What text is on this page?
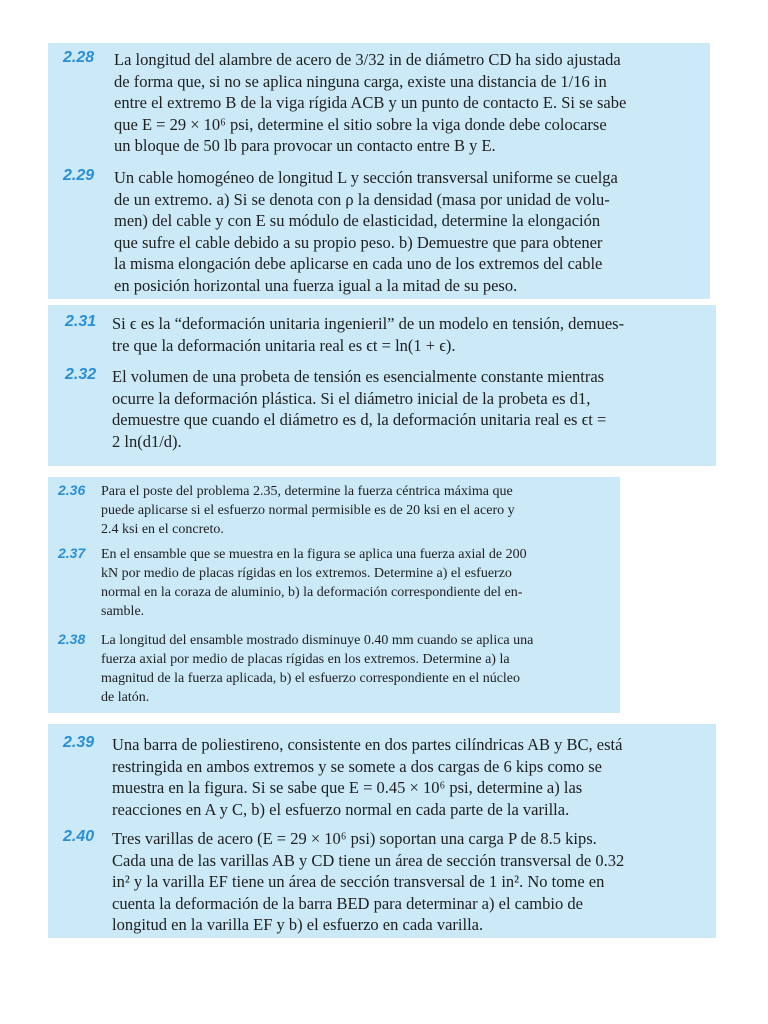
2.28 La longitud del alambre de acero de 3/32 in de diámetro CD ha sido ajustada
de forma que, si no se aplica ninguna carga, existe una distancia de 1/16 in
entre el extremo B de la viga rígida ACB y un punto de contacto E. Si se sabe
que E = 29 × 10⁶ psi, determine el sitio sobre la viga donde debe colocarse
un bloque de 50 lb para provocar un contacto entre B y E.
2.29 Un cable homogéneo de longitud L y sección transversal uniforme se cuelga
de un extremo. a) Si se denota con ρ la densidad (masa por unidad de volu-
men) del cable y con E su módulo de elasticidad, determine la elongación
que sufre el cable debido a su propio peso. b) Demuestre que para obtener
la misma elongación debe aplicarse en cada uno de los extremos del cable
en posición horizontal una fuerza igual a la mitad de su peso.
2.31 Si ϵ es la “deformación unitaria ingenieril” de un modelo en tensión, demues-
tre que la deformación unitaria real es ϵt = ln(1 + ϵ).
2.32 El volumen de una probeta de tensión es esencialmente constante mientras
ocurre la deformación plástica. Si el diámetro inicial de la probeta es d1,
demuestre que cuando el diámetro es d, la deformación unitaria real es ϵt =
2 ln(d1/d).
2.36 Para el poste del problema 2.35, determine la fuerza céntrica máxima que
puede aplicarse si el esfuerzo normal permisible es de 20 ksi en el acero y
2.4 ksi en el concreto.
2.37 En el ensamble que se muestra en la figura se aplica una fuerza axial de 200
kN por medio de placas rígidas en los extremos. Determine a) el esfuerzo
normal en la coraza de aluminio, b) la deformación correspondiente del en-
samble.
2.38 La longitud del ensamble mostrado disminuye 0.40 mm cuando se aplica una
fuerza axial por medio de placas rígidas en los extremos. Determine a) la
magnitud de la fuerza aplicada, b) el esfuerzo correspondiente en el núcleo
de latón.
2.39 Una barra de poliestireno, consistente en dos partes cilíndricas AB y BC, está
restringida en ambos extremos y se somete a dos cargas de 6 kips como se
muestra en la figura. Si se sabe que E = 0.45 × 10⁶ psi, determine a) las
reacciones en A y C, b) el esfuerzo normal en cada parte de la varilla.
2.40 Tres varillas de acero (E = 29 × 10⁶ psi) soportan una carga P de 8.5 kips.
Cada una de las varillas AB y CD tiene un área de sección transversal de 0.32
in² y la varilla EF tiene un área de sección transversal de 1 in². No tome en
cuenta la deformación de la barra BED para determinar a) el cambio de
longitud en la varilla EF y b) el esfuerzo en cada varilla.
